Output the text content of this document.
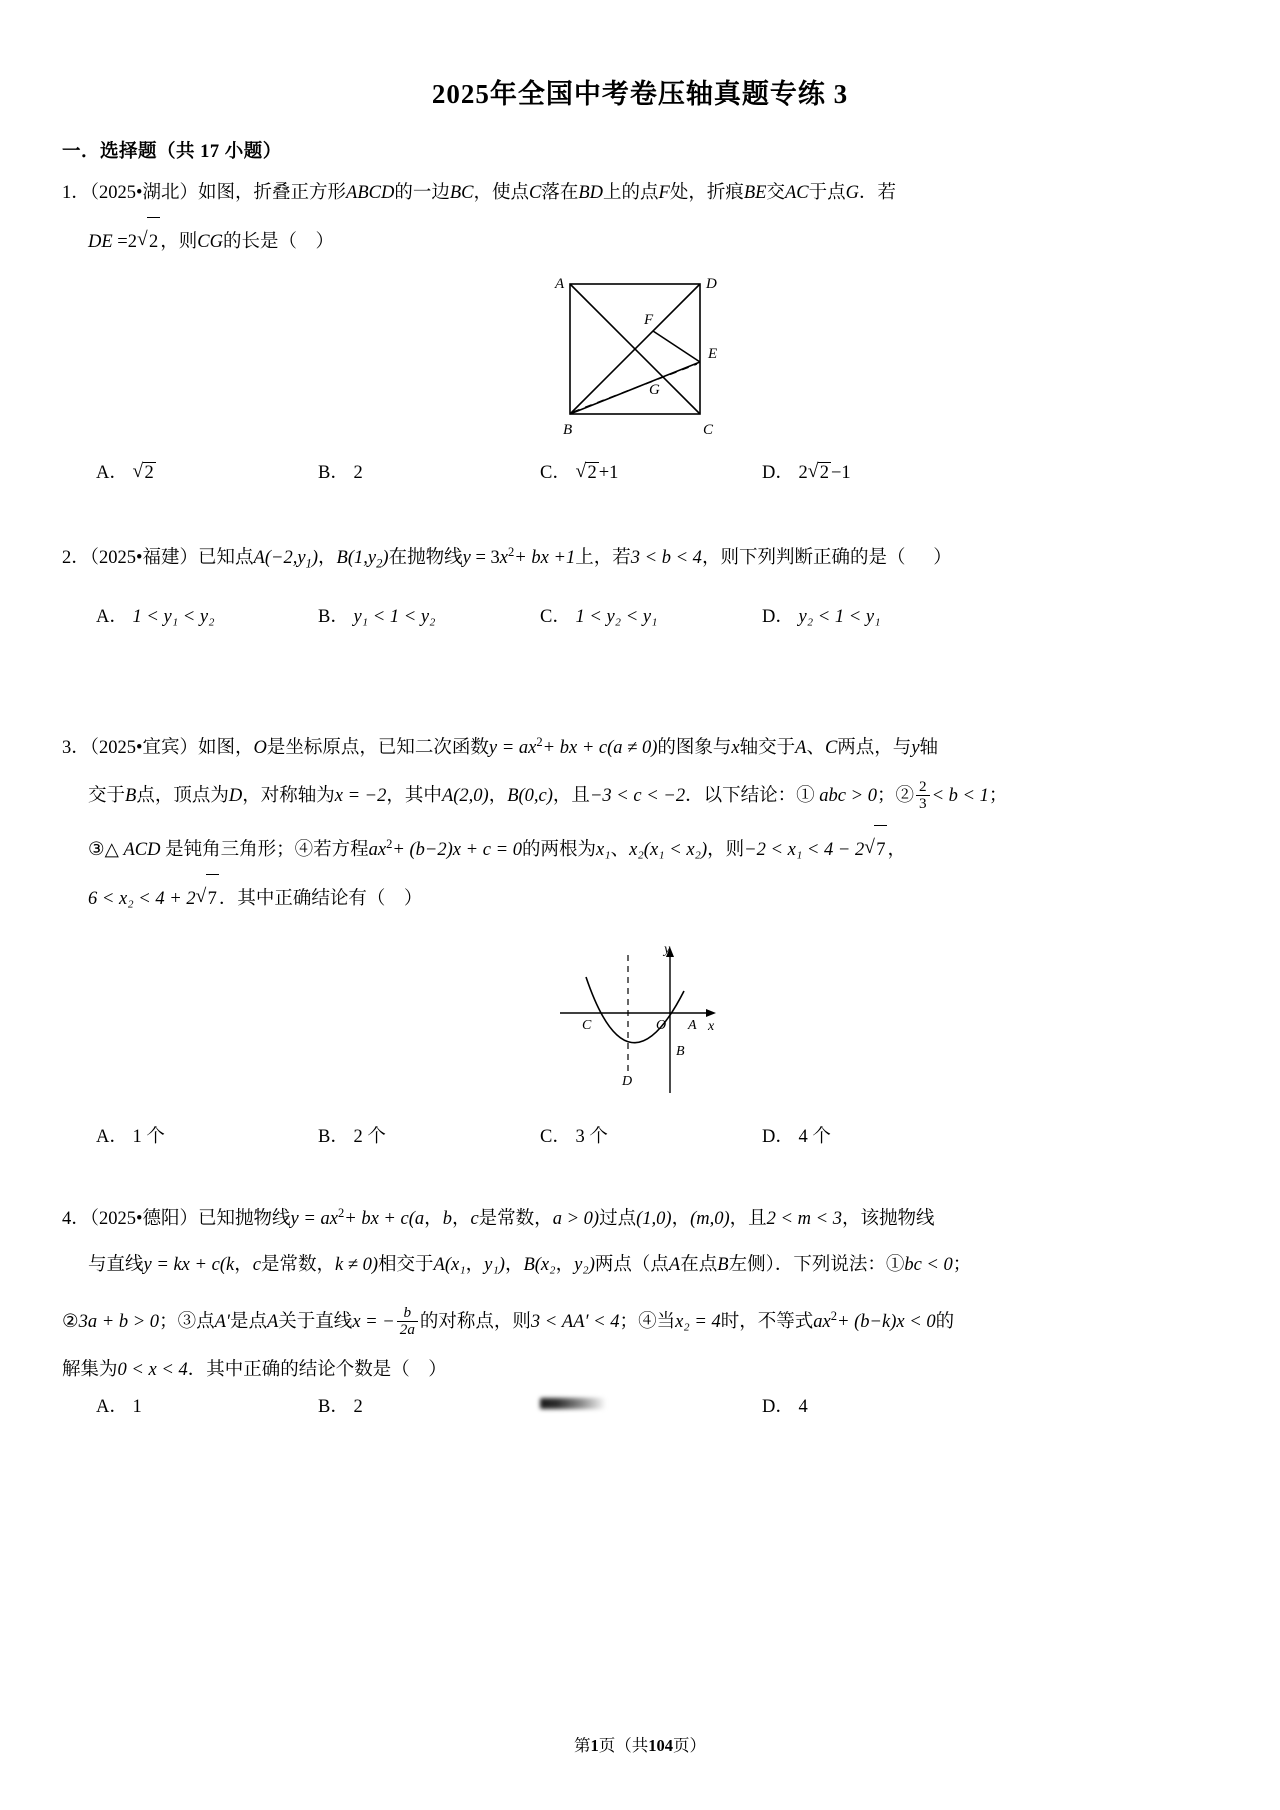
2025年全国中考卷压轴真题专练 3
一．选择题（共 17 小题）
1．（2025•湖北）如图，折叠正方形ABCD的一边BC，使点C落在BD上的点F处，折痕BE交AC于点G．若
DE =2 √ 2 ，则CG的长是（ ）
A	D
F
E
G
B	C
A． √ 2	B． 2	C． √ 2 +1	D． 2 √ 2 −1
2．（2025•福建）已知点$A(-2,y_1)$，$B(1,y_2)$在抛物线$y = 3x^2+$ bx +1上，若3 < b < 4，则下列判断正确的是（ ）
A． 1 < y₁ < y₂	B． y₁ < 1 < y₂	C． 1 < y₂ < y₁	D． y₂ < 1 < y₁
3．（2025•宜宾）如图，O是坐标原点，已知二次函数$y = ax^2+$ bx + c(a ≠ 0)的图象与x轴交于A、C两点，与y轴
交于B点，顶点为D，对称轴为x = −2，其中A(2,0)，B(0,c)，且−3 < c < −2．以下结论：① abc > 0；② $\frac{2}{3} < b < 1$；
③△ ACD 是钝角三角形；④若方程$ax^2+ (b-2)x + c = 0$的两根为x₁、x₂(x₁ < x₂)，则−2 < x₁ < 4 − 2 √ 7 ，
6 < x₂ < 4 + 2 √ 7 ．其中正确结论有（ ）
C	O A x
y
B
D
A． 1 个	B． 2 个	C． 3 个	D． 4 个
4．（2025•德阳）已知抛物线$y = ax^2+$ bx + c(a，b，c是常数，a > 0)过点(1,0)，(m,0)，且2 < m < 3，该抛物线
与直线y = kx + c(k，c是常数，k ≠ 0)相交于A(x₁，y₁)，B(x₂，y₂)两点（点A在点B左侧）．下列说法：①bc < 0；
②3a + b > 0；③点A′是点A关于直线x = − $\frac{b}{2a}$ 的对称点，则3 < AA′ < 4；④当x₂ = 4时，不等式$ax^2+ (b-k)x < 0$的
解集为0 < x < 4．其中正确的结论个数是（ ）
A． 1	B． 2	D． 4
第1页（共104页）
